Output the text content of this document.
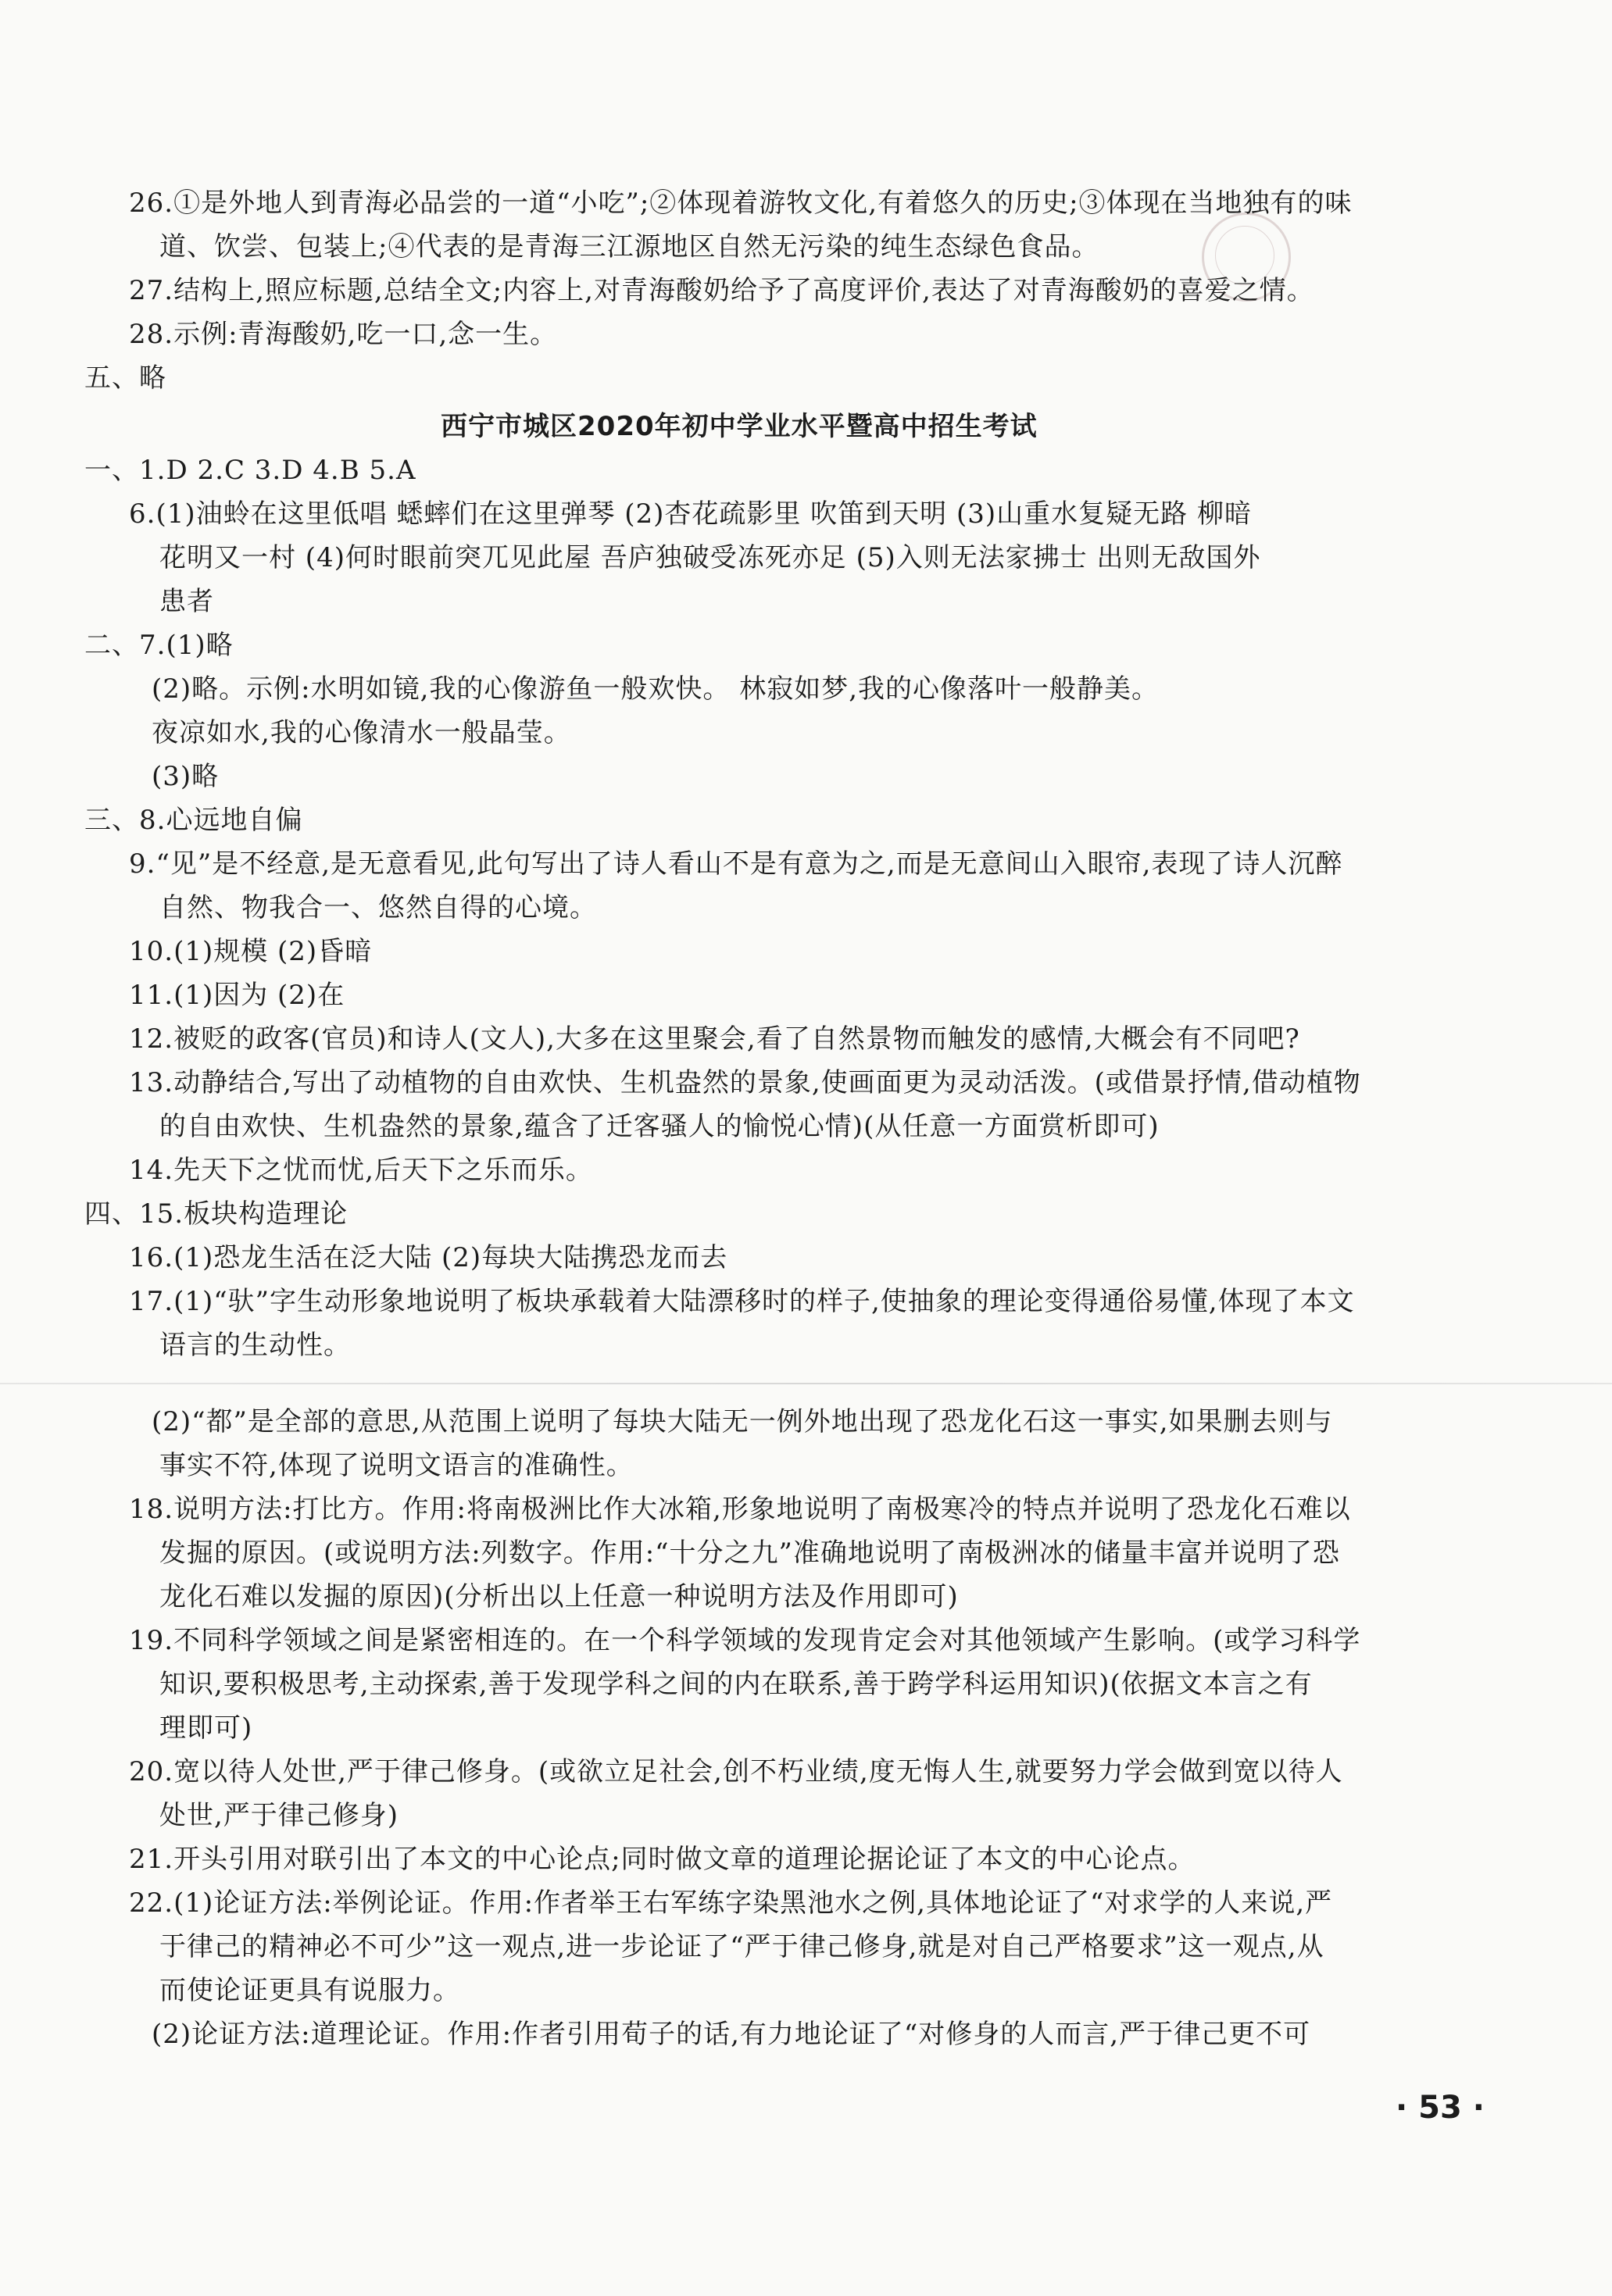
26.①是外地人到青海必品尝的一道“小吃”;②体现着游牧文化,有着悠久的历史;③体现在当地独有的味
道、饮尝、包装上;④代表的是青海三江源地区自然无污染的纯生态绿色食品。
27.结构上,照应标题,总结全文;内容上,对青海酸奶给予了高度评价,表达了对青海酸奶的喜爱之情。
28.示例:青海酸奶,吃一口,念一生。
五、略
西宁市城区2020年初中学业水平暨高中招生考试
一、1.D 2.C 3.D 4.B 5.A
6.(1)油蛉在这里低唱 蟋蟀们在这里弹琴 (2)杏花疏影里 吹笛到天明 (3)山重水复疑无路 柳暗
花明又一村 (4)何时眼前突兀见此屋 吾庐独破受冻死亦足 (5)入则无法家拂士 出则无敌国外
患者
二、7.(1)略
(2)略。示例:水明如镜,我的心像游鱼一般欢快。 林寂如梦,我的心像落叶一般静美。
夜凉如水,我的心像清水一般晶莹。
(3)略
三、8.心远地自偏
9.“见”是不经意,是无意看见,此句写出了诗人看山不是有意为之,而是无意间山入眼帘,表现了诗人沉醉
自然、物我合一、悠然自得的心境。
10.(1)规模 (2)昏暗
11.(1)因为 (2)在
12.被贬的政客(官员)和诗人(文人),大多在这里聚会,看了自然景物而触发的感情,大概会有不同吧?
13.动静结合,写出了动植物的自由欢快、生机盎然的景象,使画面更为灵动活泼。(或借景抒情,借动植物
的自由欢快、生机盎然的景象,蕴含了迁客骚人的愉悦心情)(从任意一方面赏析即可)
14.先天下之忧而忧,后天下之乐而乐。
四、15.板块构造理论
16.(1)恐龙生活在泛大陆 (2)每块大陆携恐龙而去
17.(1)“驮”字生动形象地说明了板块承载着大陆漂移时的样子,使抽象的理论变得通俗易懂,体现了本文
语言的生动性。
(2)“都”是全部的意思,从范围上说明了每块大陆无一例外地出现了恐龙化石这一事实,如果删去则与
事实不符,体现了说明文语言的准确性。
18.说明方法:打比方。作用:将南极洲比作大冰箱,形象地说明了南极寒冷的特点并说明了恐龙化石难以
发掘的原因。(或说明方法:列数字。作用:“十分之九”准确地说明了南极洲冰的储量丰富并说明了恐
龙化石难以发掘的原因)(分析出以上任意一种说明方法及作用即可)
19.不同科学领域之间是紧密相连的。在一个科学领域的发现肯定会对其他领域产生影响。(或学习科学
知识,要积极思考,主动探索,善于发现学科之间的内在联系,善于跨学科运用知识)(依据文本言之有
理即可)
20.宽以待人处世,严于律己修身。(或欲立足社会,创不朽业绩,度无悔人生,就要努力学会做到宽以待人
处世,严于律己修身)
21.开头引用对联引出了本文的中心论点;同时做文章的道理论据论证了本文的中心论点。
22.(1)论证方法:举例论证。作用:作者举王右军练字染黑池水之例,具体地论证了“对求学的人来说,严
于律己的精神必不可少”这一观点,进一步论证了“严于律己修身,就是对自己严格要求”这一观点,从
而使论证更具有说服力。
(2)论证方法:道理论证。作用:作者引用荀子的话,有力地论证了“对修身的人而言,严于律己更不可
· 53 ·
